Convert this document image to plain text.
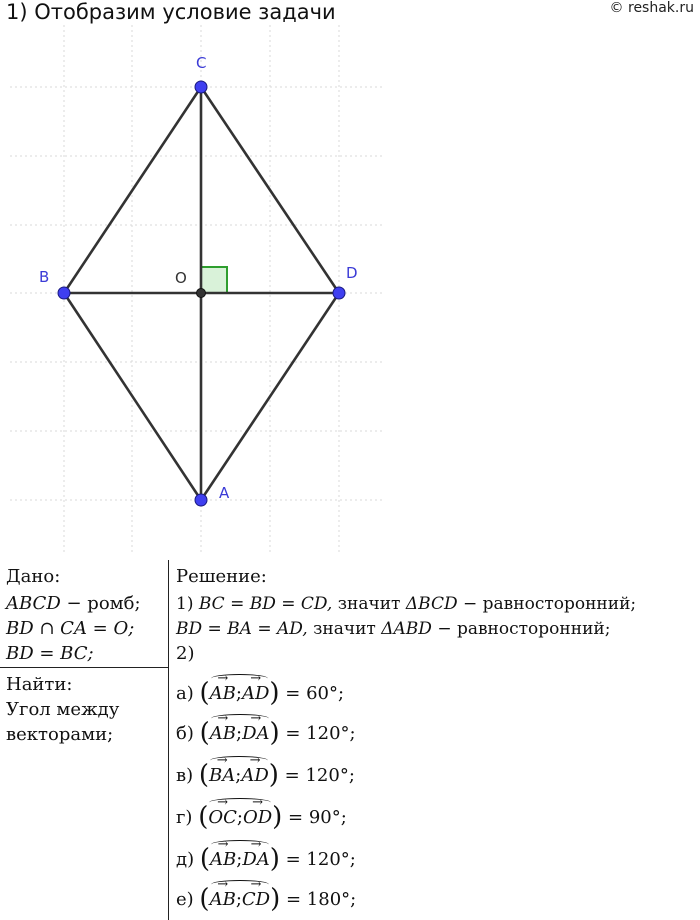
1) Отобразим условие задачи	© reshak.ru
C
B	D
A
O
Дано:
ABCD − ромб;
BD ∩ CA = O;
BD = BC;
Найти:
Угол между
векторами;
Решение:
1) BC = BD = CD, значит ΔBCD − равносторонний;
BD = BA = AD, значит ΔABD − равносторонний;
2)
а) (→ AB;→ AD) = 60°;
б) (→ AB;→ DA) = 120°;
в) (→ BA;→ AD) = 120°;
г) (→ OC;→ OD) = 90°;
д) (→ AB;→ DA) = 120°;
е) (→ AB;→ CD) = 180°;
